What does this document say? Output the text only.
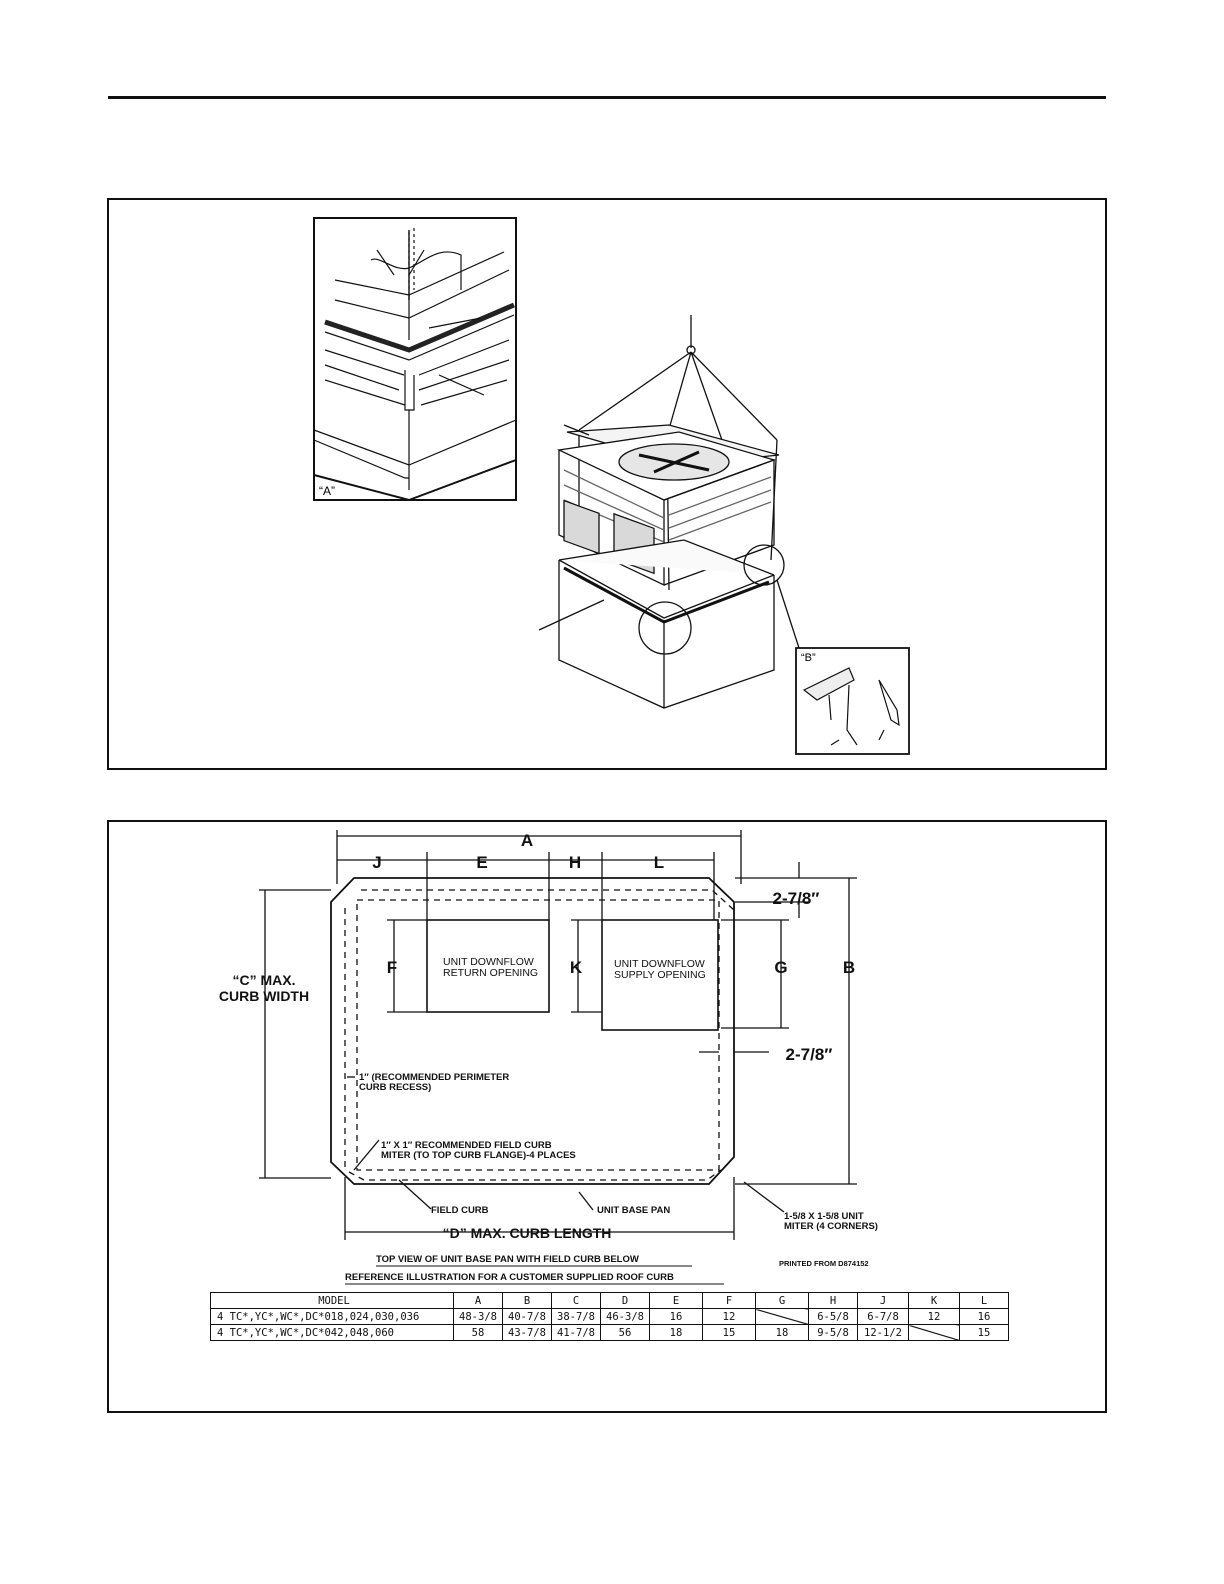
“A”
“B”
A
J	E	H	L
F	K	G	B
2-7/8″
2-7/8″
“C” MAX.
CURB WIDTH
“D” MAX. CURB LENGTH
UNIT DOWNFLOW
RETURN OPENING
UNIT DOWNFLOW
SUPPLY OPENING
1″ (RECOMMENDED PERIMETER
CURB RECESS)
1″ X 1″ RECOMMENDED FIELD CURB
MITER (TO TOP CURB FLANGE)-4 PLACES
FIELD CURB	UNIT BASE PAN
1-5/8 X 1-5/8 UNIT
MITER (4 CORNERS)
TOP VIEW OF UNIT BASE PAN WITH FIELD CURB BELOW
REFERENCE ILLUSTRATION FOR A CUSTOMER SUPPLIED ROOF CURB
PRINTED FROM D874152
MODEL	A	B	C	D	E	F	G	H	J	K	L
4 TC*,YC*,WC*,DC*018,024,030,036	48-3/8	40-7/8	38-7/8	46-3/8	16	12		6-5/8	6-7/8	12	16
4 TC*,YC*,WC*,DC*042,048,060	58	43-7/8	41-7/8	56	18	15	18	9-5/8	12-1/2		15
